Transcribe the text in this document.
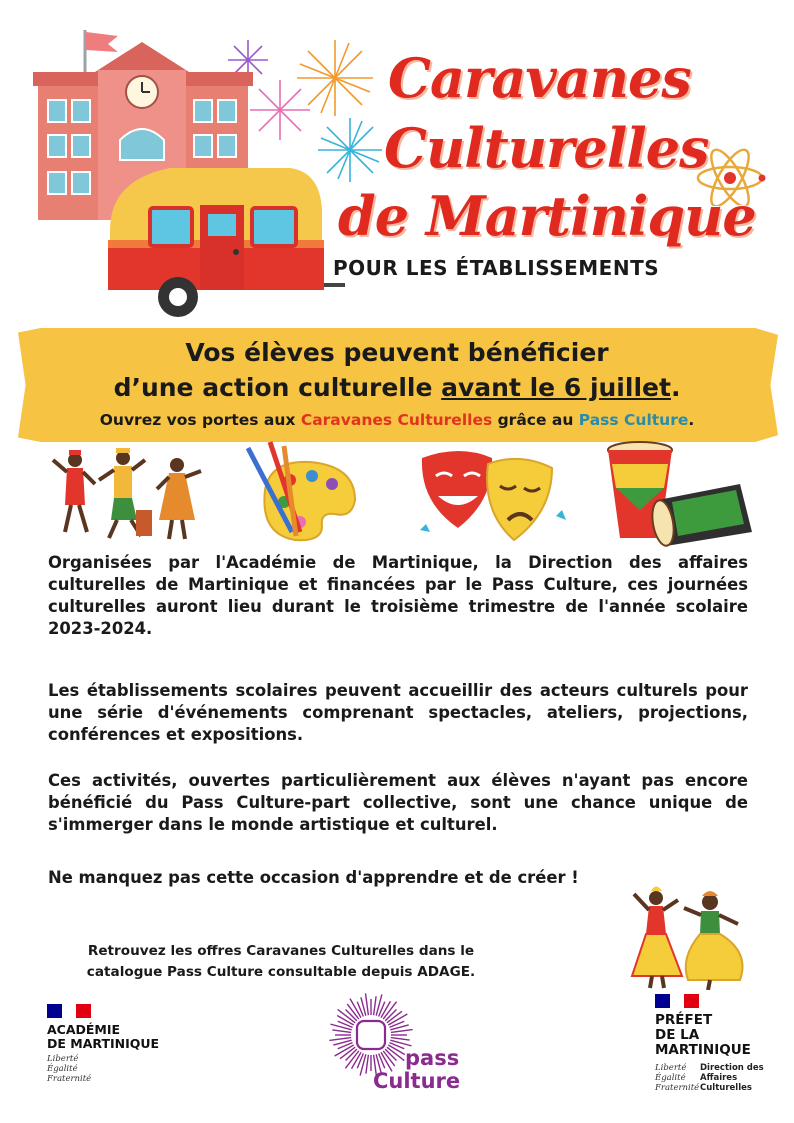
Caravanes
Culturelles
de Martinique
POUR LES ÉTABLISSEMENTS
Vos élèves peuvent bénéficier
d’une action culturelle avant le 6 juillet.
Ouvrez vos portes aux Caravanes Culturelles grâce au Pass Culture.
Organisées par l'Académie de Martinique, la Direction des affaires culturelles de Martinique et financées par le Pass Culture, ces journées culturelles auront lieu durant le troisième trimestre de l'année scolaire 2023-2024.
Les établissements scolaires peuvent accueillir des acteurs culturels pour une série d'événements comprenant spectacles, ateliers, projections, conférences et expositions.
Ces activités, ouvertes particulièrement aux élèves n'ayant pas encore bénéficié du Pass Culture-part collective, sont une chance unique de s'immerger dans le monde artistique et culturel.
Ne manquez pas cette occasion d'apprendre et de créer !
Retrouvez les offres Caravanes Culturelles dans le
catalogue Pass Culture consultable depuis ADAGE.
ACADÉMIE
DE MARTINIQUE
Liberté
Égalité
Fraternité
pass
Culture
PRÉFET
DE LA
MARTINIQUE
Liberté
Égalité
Fraternité
Direction des
Affaires
Culturelles
